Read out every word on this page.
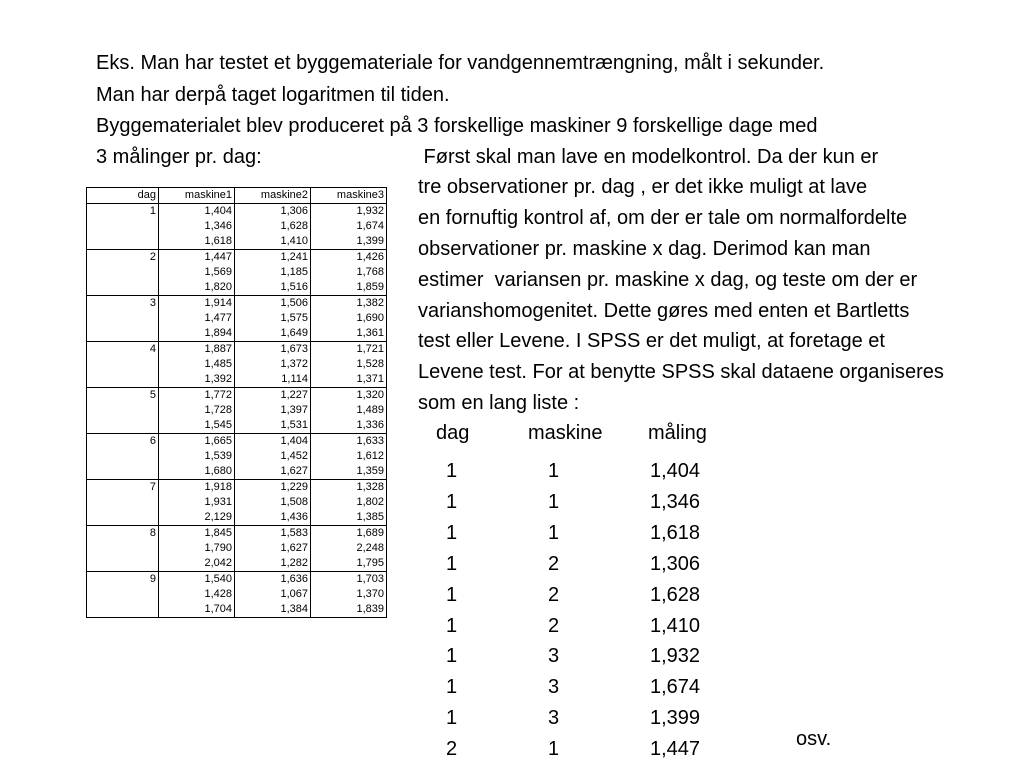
Eks. Man har testet et byggemateriale for vandgennemtrængning, målt i sekunder.
Man har derpå taget logaritmen til tiden.
Byggematerialet blev produceret på 3 forskellige maskiner 9 forskellige dage med
3 målinger pr. dag:	Først skal man lave en modelkontrol. Da der kun er
tre observationer pr. dag , er det ikke muligt at lave
en fornuftig kontrol af, om der er tale om normalfordelte
observationer pr. maskine x dag. Derimod kan man
estimer  variansen pr. maskine x dag, og teste om der er
varianshomogenitet. Dette gøres med enten et Bartletts
test eller Levene. I SPSS er det muligt, at foretage et
Levene test. For at benytte SPSS skal dataene organiseres
som en lang liste :
dag	maskine1	maskine2	maskine3
1	1,404	1,306	1,932
	1,346	1,628	1,674
	1,618	1,410	1,399
2	1,447	1,241	1,426
	1,569	1,185	1,768
	1,820	1,516	1,859
3	1,914	1,506	1,382
	1,477	1,575	1,690
	1,894	1,649	1,361
4	1,887	1,673	1,721
	1,485	1,372	1,528
	1,392	1,114	1,371
5	1,772	1,227	1,320
	1,728	1,397	1,489
	1,545	1,531	1,336
6	1,665	1,404	1,633
	1,539	1,452	1,612
	1,680	1,627	1,359
7	1,918	1,229	1,328
	1,931	1,508	1,802
	2,129	1,436	1,385
8	1,845	1,583	1,689
	1,790	1,627	2,248
	2,042	1,282	1,795
9	1,540	1,636	1,703
	1,428	1,067	1,370
	1,704	1,384	1,839
dag	maskine måling
1	1	1,404
1	1	1,346
1	1	1,618
1	2	1,306
1	2	1,628
1	2	1,410
1	3	1,932
1	3	1,674
1	3	1,399
2	1	1,447	osv.
